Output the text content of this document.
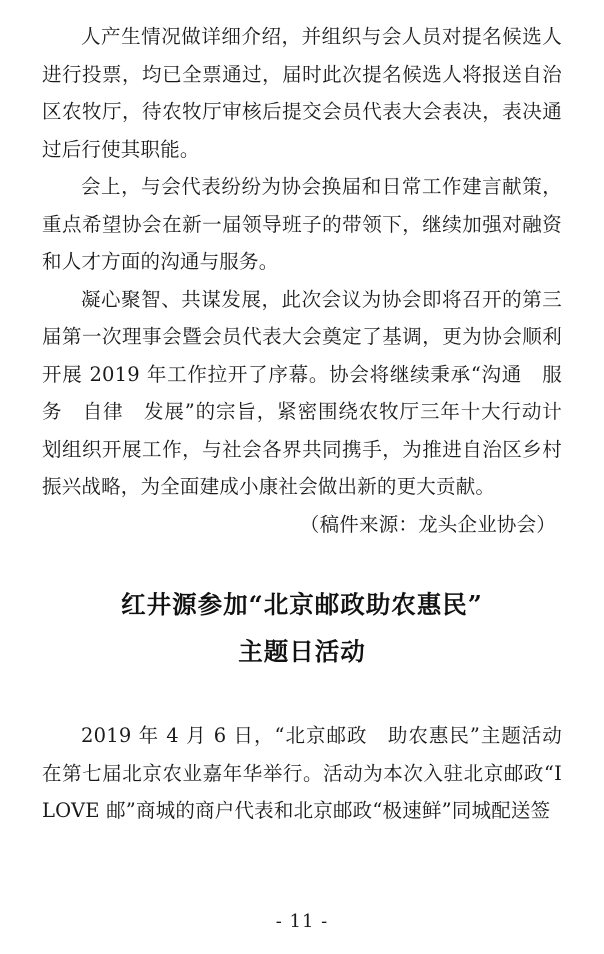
人产生情况做详细介绍，并组织与会人员对提名候选人进行投票，均已全票通过，届时此次提名候选人将报送自治区农牧厅，待农牧厅审核后提交会员代表大会表决，表决通过后行使其职能。

会上，与会代表纷纷为协会换届和日常工作建言献策，重点希望协会在新一届领导班子的带领下，继续加强对融资和人才方面的沟通与服务。

凝心聚智、共谋发展，此次会议为协会即将召开的第三届第一次理事会暨会员代表大会奠定了基调，更为协会顺利开展 2019 年工作拉开了序幕。协会将继续秉承“沟通　服务　自律　发展”的宗旨，紧密围绕农牧厅三年十大行动计划组织开展工作，与社会各界共同携手，为推进自治区乡村振兴战略，为全面建成小康社会做出新的更大贡献。

（稿件来源：龙头企业协会）

红井源参加“北京邮政助农惠民”
主题日活动

2019 年 4 月 6 日，“北京邮政　助农惠民”主题活动在第七届北京农业嘉年华举行。活动为本次入驻北京邮政“I LOVE 邮”商城的商户代表和北京邮政“极速鲜”同城配送签

- 11 -
